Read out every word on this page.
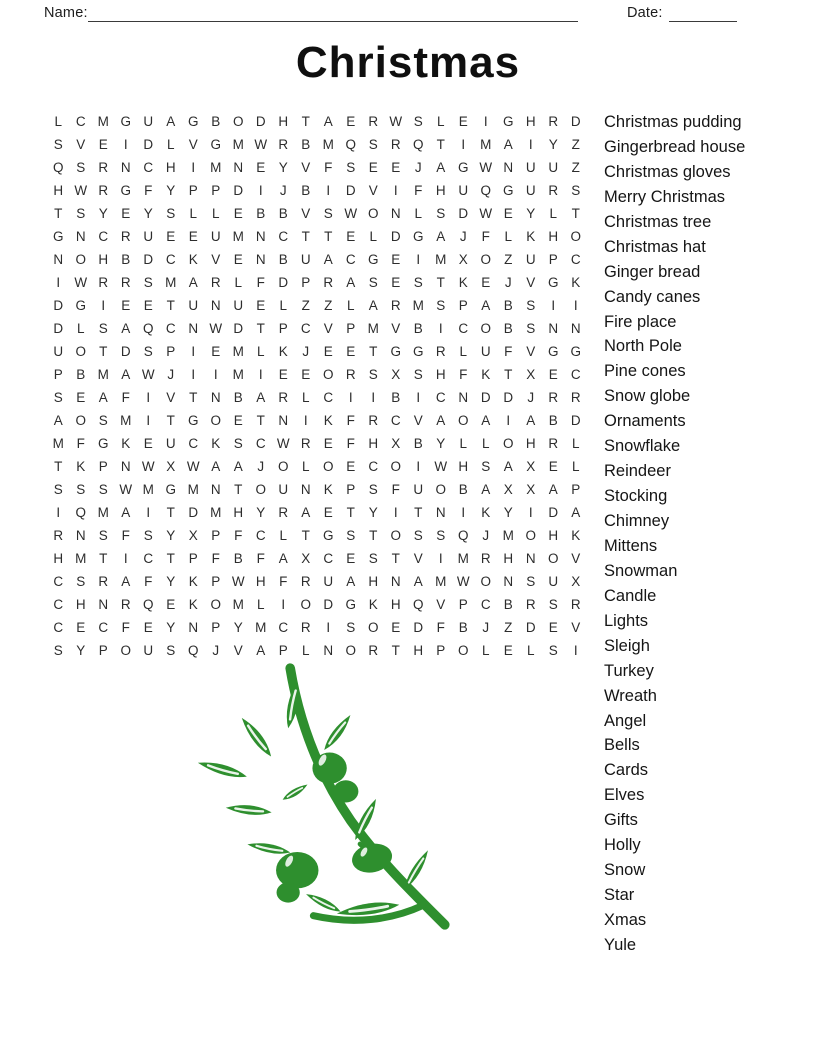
Name:	Date:
Christmas
L	C M G U A G B O D H	T	A E R W S	L	E	I	G H R D
S V E	I	D	L	V G M W R B M Q S R Q T	I	M A	I	Y	Z
Q S R N C H	I	M N E Y V	F	S E E	J	A G W N U U	Z
H W R G F	Y P P D	I	J	B	I	D V	I	F	H U Q G U R S
T	S Y E Y S	L	L	E B B V S W O N	L	S D W E Y	L	T
G N C R U E E U M N C	T	T	E	L	D G A	J	F	L	K H O
N O H B D C K V E N B U A C G E	I	M X O Z	U P C
I	W R R S M A R	L	F	D P R A S E S	T	K E	J	V G K
D G	I	E E	T	U N U E	L	Z	Z	L	A R M S P A B S	I	I
D	L	S A Q C N W D	T	P C V P M V B	I	C O B S N N
U O T	D S P	I	E M L	K	J	E E	T G G R	L	U	F	V G G
P B M A W J	I	I	M	I	E E O R S X S H	F	K	T	X E C
S E A	F	I	V	T	N B A R	L	C	I	I	B	I	C N D D	J	R R
A O S M	I	T G O E	T	N	I	K	F	R C V A O A	I	A B D
M F G K E U C K S C W R E	F	H X B Y	L	L O H R	L
T	K P N W X W A A	J	O L O E C O	I	W H S A X E	L
S S S W M G M N	T O U N K P S	F	U O B A X X A P
I	Q M A	I	T	D M H Y R A E	T	Y	I	T	N	I	K Y	I	D A
R N S	F	S Y X P	F	C	L	T G S	T O S S Q	J	M O H K
H M T	I	C	T	P	F	B	F	A X C E S	T	V	I	M R H N O V
C S R A	F	Y K P W H	F	R U A H N A M W O N S U X
C H N R Q E K O M L	I	O D G K H Q V P C B R S R
C E C	F	E Y N P Y M C R	I	S O E D	F	B	J	Z	D E V
S Y P O U S Q	J	V A P	L	N O R	T	H P O L	E	L	S	I
Christmas pudding
Gingerbread house
Christmas gloves
Merry Christmas
Christmas tree
Christmas hat
Ginger bread
Candy canes
Fire place
North Pole
Pine cones
Snow globe
Ornaments
Snowflake
Reindeer
Stocking
Chimney
Mittens
Snowman
Candle
Lights
Sleigh
Turkey
Wreath
Angel
Bells
Cards
Elves
Gifts
Holly
Snow
Star
Xmas
Yule
